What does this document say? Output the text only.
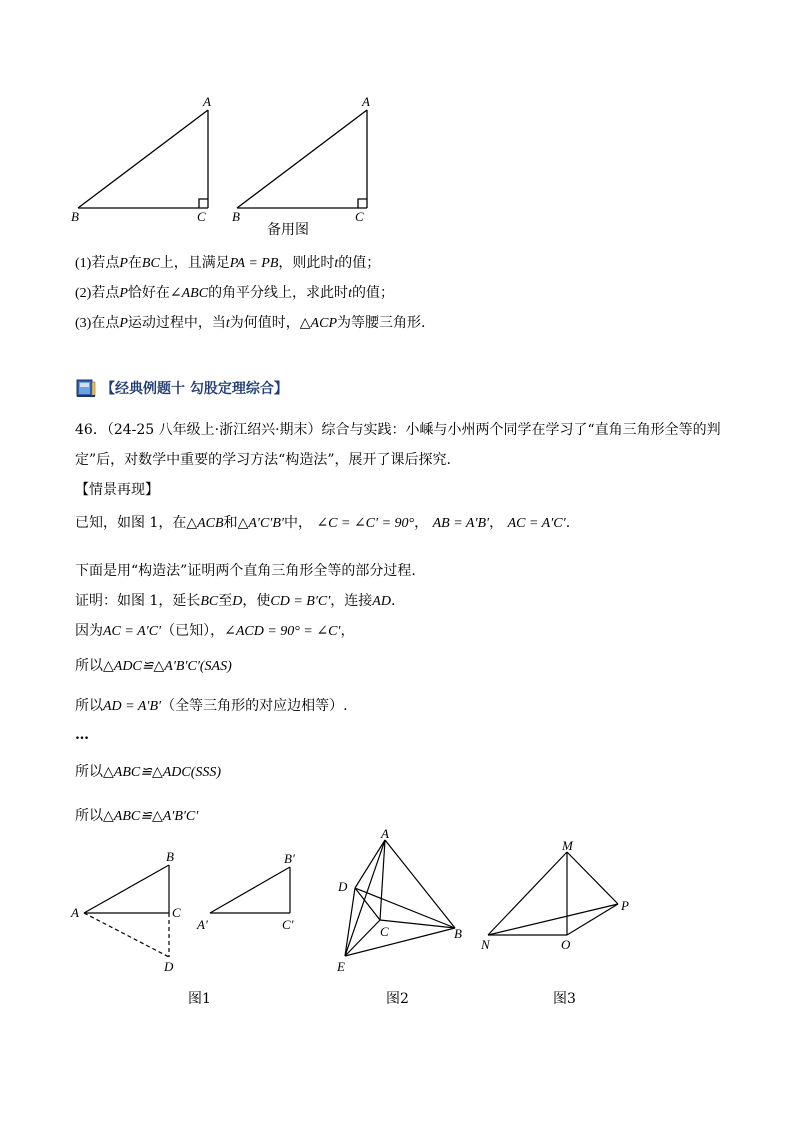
A
B	C
A
B	C
备用图
(1)若点P在BC上，且满足PA = PB，则此时t的值；
(2)若点P恰好在∠ABC的角平分线上，求此时t的值；
(3)在点P运动过程中，当t为何值时，△ACP为等腰三角形.
【经典例题十 勾股定理综合】
46．（24-25 八年级上·浙江绍兴·期末）综合与实践：小嵊与小州两个同学在学习了“直角三角形全等的判
定”后，对数学中重要的学习方法“构造法”，展开了课后探究.
【情景再现】
已知，如图 1，在△ACB和△A′C′B′中， ∠C = ∠C′ = 90°， AB = A′B′， AC = A′C′.
下面是用“构造法”证明两个直角三角形全等的部分过程.
证明：如图 1，延长BC至D，使CD = B′C′，连接AD.
因为AC = A′C′（已知），∠ACD = 90° = ∠C′，
所以△ADC≌△A′B′C′(SAS)
所以AD = A′B′（全等三角形的对应边相等）.
…
所以△ABC≌△ADC(SSS)
所以△ABC≌△A′B′C′
A
B
C
D
A′
B′
C′
图1
A
D
C	B
E
图2
M
P
N	O
图3
